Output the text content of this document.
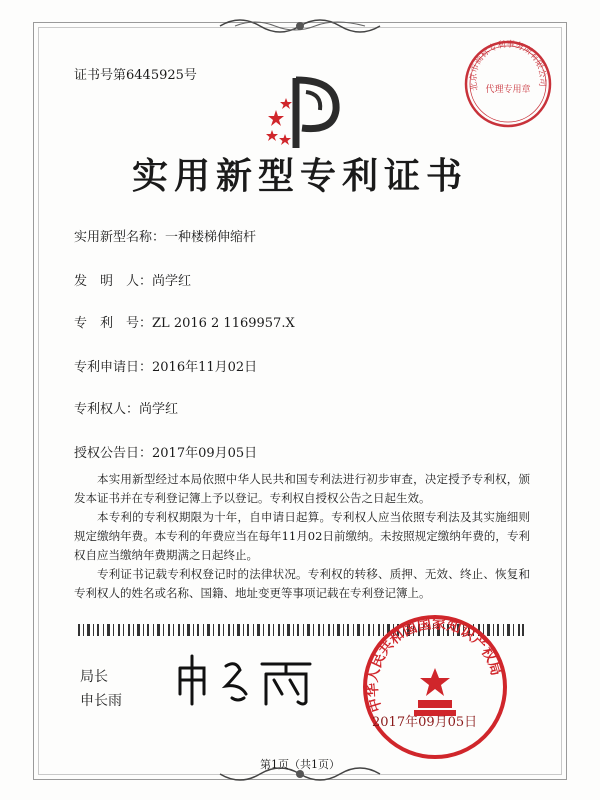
证书号第6445925号
北京市商标专利事务所有限公司
代理专用章
实用新型专利证书
实用新型名称：一种楼梯伸缩杆
发　明　人：尚学红
专　利　号：ZL 2016 2 1169957.X
专利申请日：2016年11月02日
专利权人：尚学红
授权公告日：2017年09月05日

本实用新型经过本局依照中华人民共和国专利法进行初步审查，决定授予专利权，颁发本证书并在专利登记簿上予以登记。专利权自授权公告之日起生效。

本专利的专利权期限为十年，自申请日起算。专利权人应当依照专利法及其实施细则规定缴纳年费。本专利的年费应当在每年11月02日前缴纳。未按照规定缴纳年费的，专利权自应当缴纳年费期满之日起终止。

专利证书记载专利权登记时的法律状况。专利权的转移、质押、无效、终止、恢复和专利权人的姓名或名称、国籍、地址变更等事项记载在专利登记簿上。

局长
申长雨	中华人民共和国国家知识产权局
2017年09月05日
第1页（共1页）
